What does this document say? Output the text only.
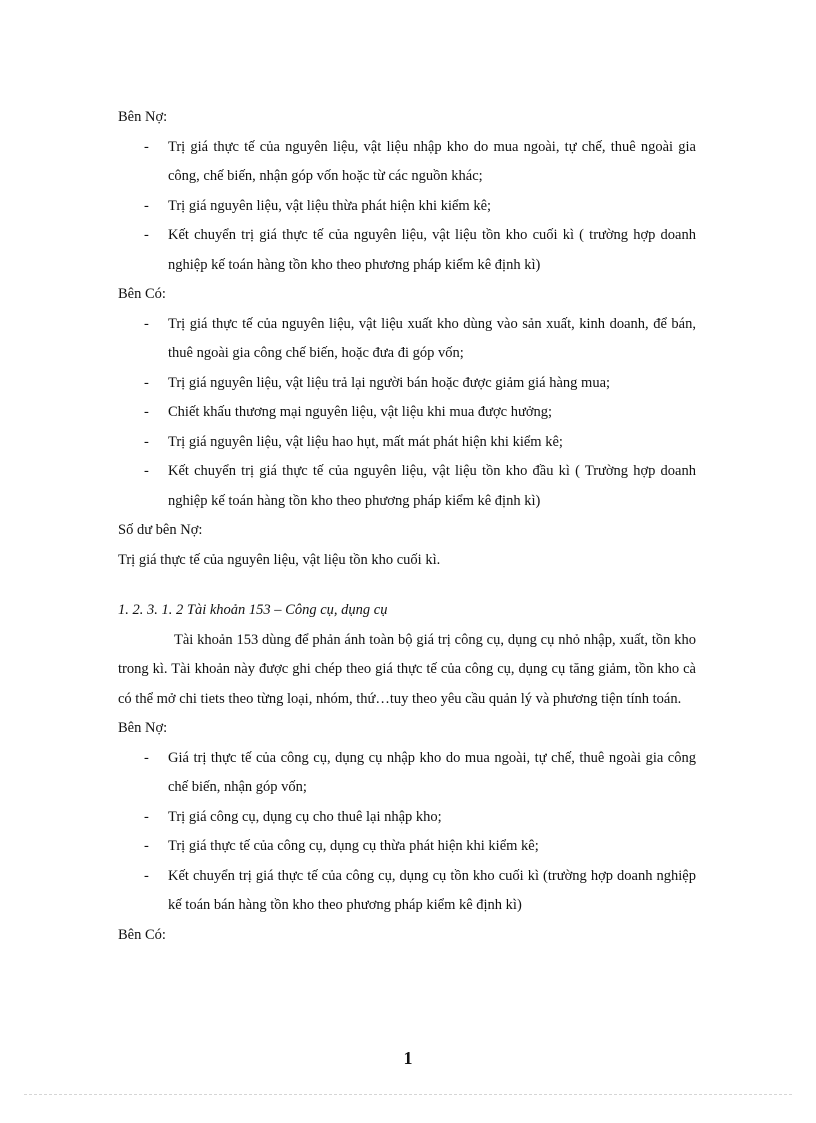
Bên Nợ:

- Trị giá thực tế của nguyên liệu, vật liệu nhập kho do mua ngoài, tự chế, thuê ngoài gia công, chế biến, nhận góp vốn hoặc từ các nguồn khác;

- Trị giá nguyên liệu, vật liệu thừa phát hiện khi kiểm kê;

- Kết chuyển trị giá thực tế của nguyên liệu, vật liệu tồn kho cuối kì ( trường hợp doanh nghiệp kế toán hàng tồn kho theo phương pháp kiểm kê định kì)

Bên Có:

- Trị giá thực tế của nguyên liệu, vật liệu xuất kho dùng vào sản xuất, kinh doanh, để bán, thuê ngoài gia công chế biến, hoặc đưa đi góp vốn;

- Trị giá nguyên liệu, vật liệu trả lại người bán hoặc được giảm giá hàng mua;

- Chiết khấu thương mại nguyên liệu, vật liệu khi mua được hưởng;

- Trị giá nguyên liệu, vật liệu hao hụt, mất mát phát hiện khi kiểm kê;

- Kết chuyển trị giá thực tế của nguyên liệu, vật liệu tồn kho đầu kì ( Trường hợp doanh nghiệp kế toán hàng tồn kho theo phương pháp kiểm kê định kì)

Số dư bên Nợ:

Trị giá thực tế của nguyên liệu, vật liệu tồn kho cuối kì.

1. 2. 3. 1. 2 Tài khoản 153 – Công cụ, dụng cụ

Tài khoản 153 dùng để phản ánh toàn bộ giá trị công cụ, dụng cụ nhỏ nhập, xuất, tồn kho trong kì. Tài khoản này được ghi chép theo giá thực tế của công cụ, dụng cụ tăng giảm, tồn kho cà có thể mở chi tiets theo từng loại, nhóm, thứ…tuy theo yêu cầu quản lý và phương tiện tính toán.

Bên Nợ:

- Giá trị thực tế của công cụ, dụng cụ nhập kho do mua ngoài, tự chế, thuê ngoài gia công chế biến, nhận góp vốn;

- Trị giá công cụ, dụng cụ cho thuê lại nhập kho;

- Trị giá thực tế của công cụ, dụng cụ thừa phát hiện khi kiểm kê;

- Kết chuyển trị giá thực tế của công cụ, dụng cụ tồn kho cuối kì (trường hợp doanh nghiệp kế toán bán hàng tồn kho theo phương pháp kiểm kê định kì)

Bên Có:

1
